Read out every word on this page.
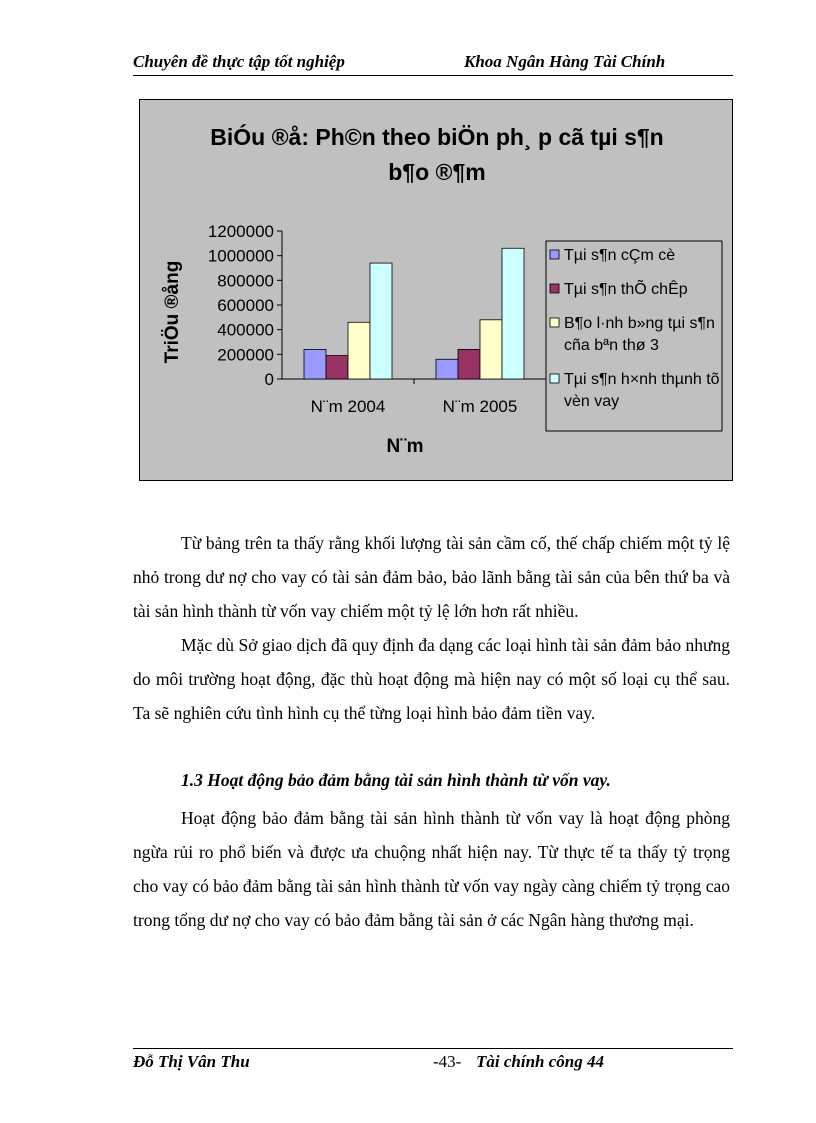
Chuyên đề thực tập tốt nghiệp	Khoa Ngân Hàng Tài Chính
BiÓu ®å: Ph©n theo biÖn ph¸ p cã tµi s¶n
b¶o ®¶m
TriÖu ®ång
N¨m
0
200000
400000
600000
800000
1000000
1200000
N¨m 2004	N¨m 2005
Tµi s¶n cÇm cè
Tµi s¶n thÕ chÊp
B¶o l·nh b»ng tµi s¶n
cña bªn thø 3
Tµi s¶n h×nh thµnh tõ
vèn vay

Từ bảng trên ta thấy rằng khối lượng tài sản cầm cố, thế chấp chiếm một tỷ lệ nhỏ trong dư nợ cho vay có tài sản đảm bảo, bảo lãnh bằng tài sản của bên thứ ba và tài sản hình thành từ vốn vay chiếm một tỷ lệ lớn hơn rất nhiều.

Mặc dù Sở giao dịch đã quy định đa dạng các loại hình tài sản đảm bảo nhưng do môi trường hoạt động, đặc thù hoạt động mà hiện nay có một số loại cụ thể sau. Ta sẽ nghiên cứu tình hình cụ thể từng loại hình bảo đảm tiền vay.

1.3 Hoạt động bảo đảm bằng tài sản hình thành từ vốn vay.

Hoạt động bảo đảm bằng tài sản hình thành từ vốn vay là hoạt động phòng ngừa rủi ro phổ biến và được ưa chuộng nhất hiện nay. Từ thực tế ta thấy tỷ trọng cho vay có bảo đảm bằng tài sản hình thành từ vốn vay ngày càng chiếm tỷ trọng cao trong tổng dư nợ cho vay có bảo đảm bằng tài sản ở các Ngân hàng thương mại.

Đỗ Thị Vân Thu	-43- Tài chính công 44
